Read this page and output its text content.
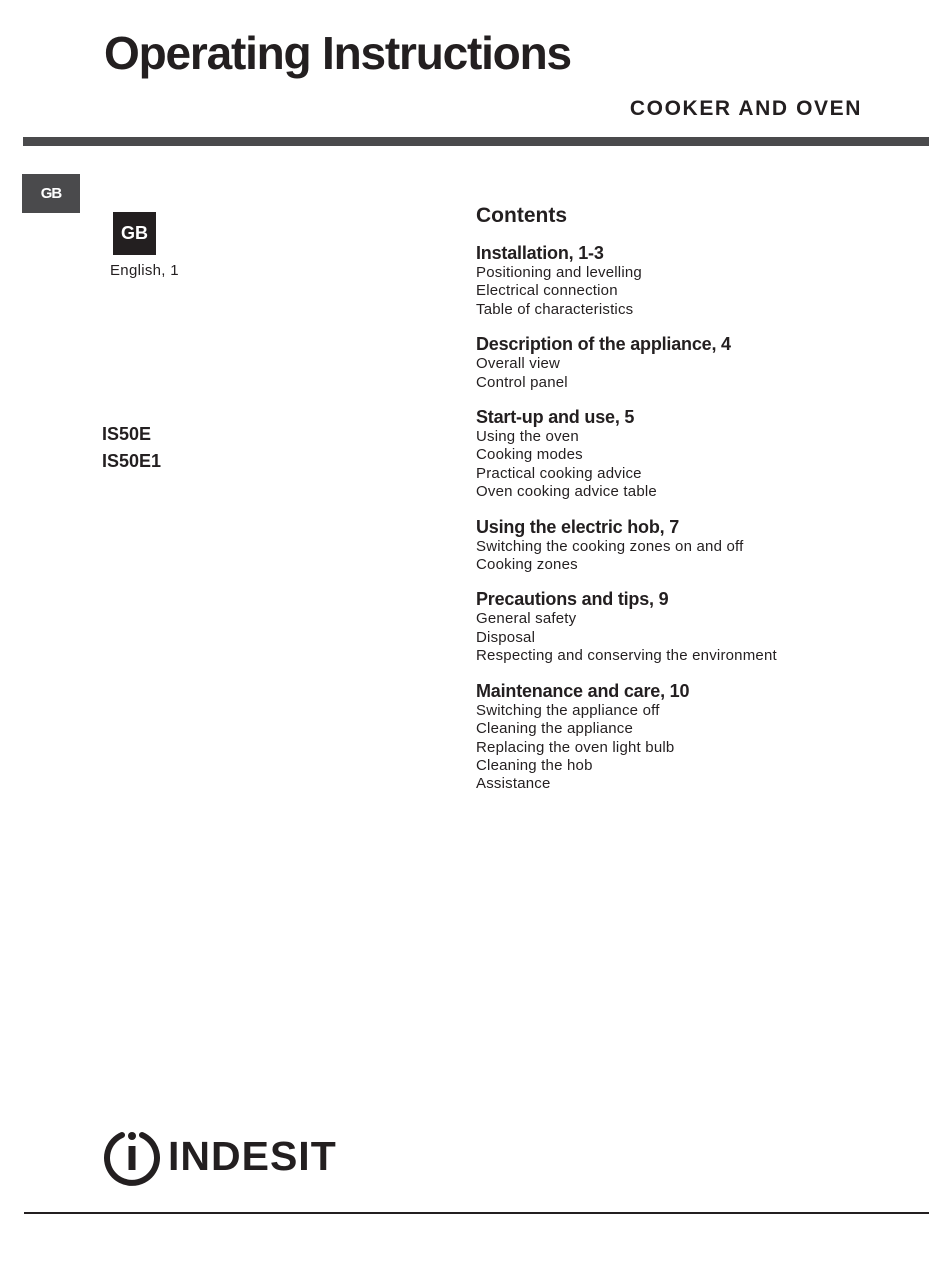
Operating Instructions
COOKER AND OVEN
GB
GB
English, 1
IS50E
IS50E1
Contents
Installation, 1-3
Positioning and levelling
Electrical connection
Table of characteristics
Description of the appliance, 4
Overall view
Control panel
Start-up and use, 5
Using the oven
Cooking modes
Practical cooking advice
Oven cooking advice table
Using the electric hob, 7
Switching the cooking zones on and off
Cooking zones
Precautions and tips, 9
General safety
Disposal
Respecting and conserving the environment
Maintenance and care, 10
Switching the appliance off
Cleaning the appliance
Replacing the oven light bulb
Cleaning the hob
Assistance
INDESIT
